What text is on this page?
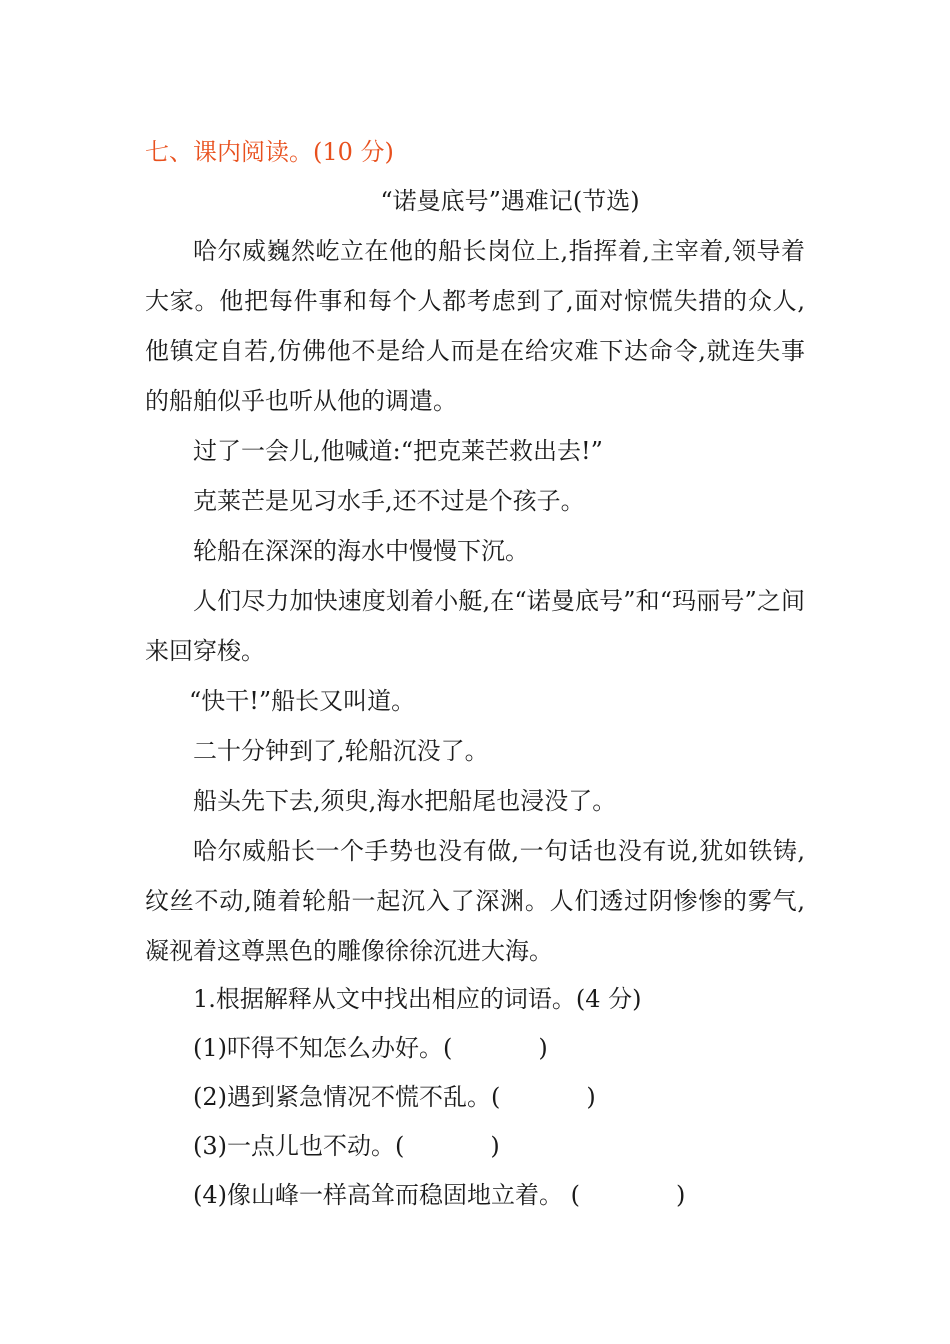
七、课内阅读。(10 分)
“诺曼底号”遇难记(节选)

哈尔威巍然屹立在他的船长岗位上,指挥着,主宰着,领导着大家。他把每件事和每个人都考虑到了,面对惊慌失措的众人,他镇定自若,仿佛他不是给人而是在给灾难下达命令,就连失事的船舶似乎也听从他的调遣。

过了一会儿,他喊道:“把克莱芒救出去!”

克莱芒是见习水手,还不过是个孩子。

轮船在深深的海水中慢慢下沉。

人们尽力加快速度划着小艇,在“诺曼底号”和“玛丽号”之间来回穿梭。

“快干!”船长又叫道。

二十分钟到了,轮船沉没了。

船头先下去,须臾,海水把船尾也浸没了。

哈尔威船长一个手势也没有做,一句话也没有说,犹如铁铸,纹丝不动,随着轮船一起沉入了深渊。人们透过阴惨惨的雾气,凝视着这尊黑色的雕像徐徐沉进大海。

1.根据解释从文中找出相应的词语。(4 分)
(1)吓得不知怎么办好。(	)
(2)遇到紧急情况不慌不乱。(	)
(3)一点儿也不动。(	)
(4)像山峰一样高耸而稳固地立着。 (	)
